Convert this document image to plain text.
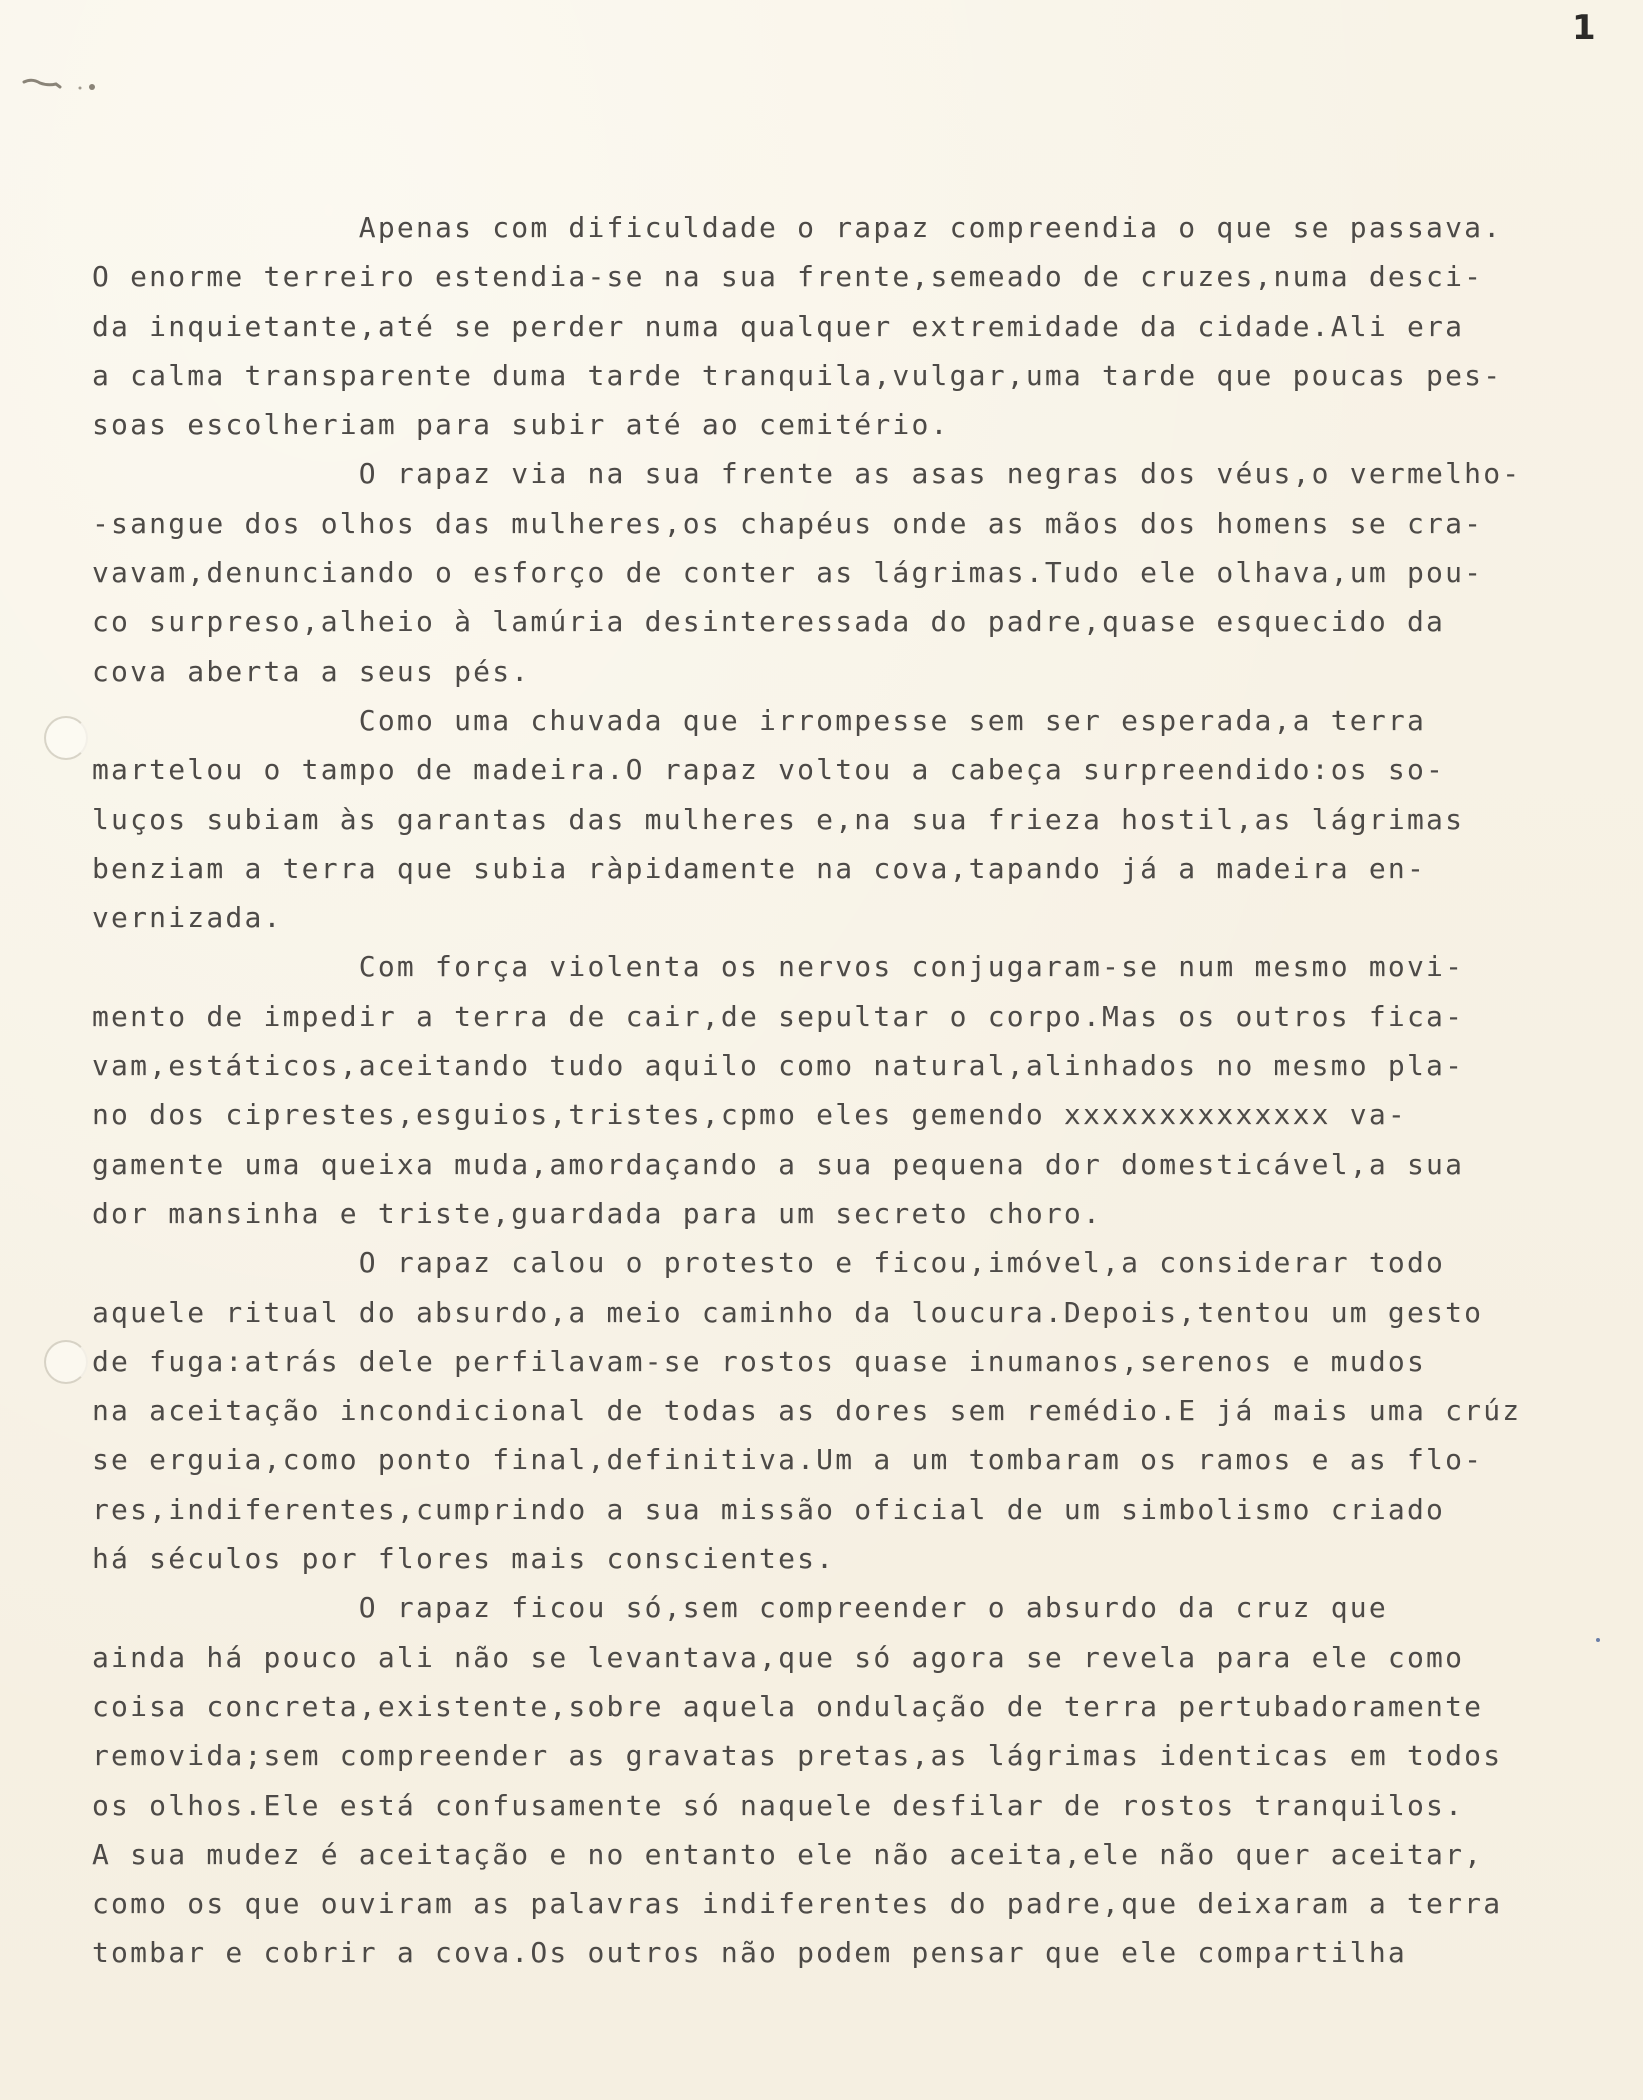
1

Apenas com dificuldade o rapaz compreendia o que se passava.

O enorme terreiro estendia-se na sua frente,semeado de cruzes,numa desci-

da inquietante,até se perder numa qualquer extremidade da cidade.Ali era

a calma transparente duma tarde tranquila,vulgar,uma tarde que poucas pes-

soas escolheriam para subir até ao cemitério.

O rapaz via na sua frente as asas negras dos véus,o vermelho-

-sangue dos olhos das mulheres,os chapéus onde as mãos dos homens se cra-

vavam,denunciando o esforço de conter as lágrimas.Tudo ele olhava,um pou-

co surpreso,alheio à lamúria desinteressada do padre,quase esquecido da

cova aberta a seus pés.

Como uma chuvada que irrompesse sem ser esperada,a terra

martelou o tampo de madeira.O rapaz voltou a cabeça surpreendido:os so-

luços subiam às garantas das mulheres e,na sua frieza hostil,as lágrimas

benziam a terra que subia ràpidamente na cova,tapando já a madeira en-

vernizada.

Com força violenta os nervos conjugaram-se num mesmo movi-

mento de impedir a terra de cair,de sepultar o corpo.Mas os outros fica-

vam,estáticos,aceitando tudo aquilo como natural,alinhados no mesmo pla-

no dos ciprestes,esguios,tristes,cpmo eles gemendo xxxxxxxxxxxxxx va-

gamente uma queixa muda,amordaçando a sua pequena dor domesticável,a sua

dor mansinha e triste,guardada para um secreto choro.

O rapaz calou o protesto e ficou,imóvel,a considerar todo

aquele ritual do absurdo,a meio caminho da loucura.Depois,tentou um gesto

de fuga:atrás dele perfilavam-se rostos quase inumanos,serenos e mudos

na aceitação incondicional de todas as dores sem remédio.E já mais uma crúz

se erguia,como ponto final,definitiva.Um a um tombaram os ramos e as flo-

res,indiferentes,cumprindo a sua missão oficial de um simbolismo criado

há séculos por flores mais conscientes.

O rapaz ficou só,sem compreender o absurdo da cruz que

ainda há pouco ali não se levantava,que só agora se revela para ele como

coisa concreta,existente,sobre aquela ondulação de terra pertubadoramente

removida;sem compreender as gravatas pretas,as lágrimas identicas em todos

os olhos.Ele está confusamente só naquele desfilar de rostos tranquilos.

A sua mudez é aceitação e no entanto ele não aceita,ele não quer aceitar,

como os que ouviram as palavras indiferentes do padre,que deixaram a terra

tombar e cobrir a cova.Os outros não podem pensar que ele compartilha
